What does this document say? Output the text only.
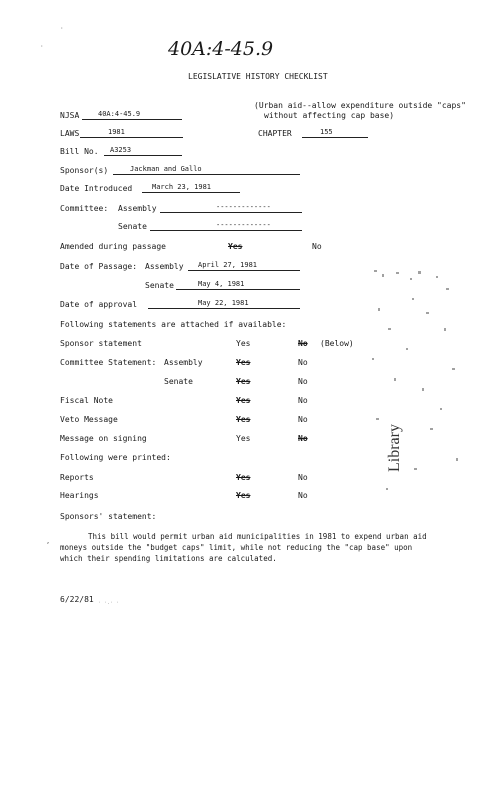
40A:4-45.9
·
·
LEGISLATIVE HISTORY CHECKLIST
NJSA	40A:4-45.9
(Urban aid--allow expenditure outside "caps"
without affecting cap base)
LAWS	1981	CHAPTER	155
Bill No. A3253
Sponsor(s)	Jackman and Gallo
Date Introduced	March 23, 1981
Committee: Assembly	-------------
Senate	-------------
Amended during passage	Yes	No
Date of Passage: Assembly April 27, 1981
Senate	May 4, 1981
Date of approval	May 22, 1981
Following statements are attached if available:
Sponsor statement	Yes	No (Below)
Committee Statement: Assembly	Yes	No
Senate	Yes	No
Fiscal Note	Yes	No
Veto Message	Yes	No
Message on signing	Yes	No
Following were printed:
Reports	Yes	No
Hearings	Yes	No
Sponsors' statement:
This bill would permit urban aid municipalities in 1981 to expend urban aid
moneys outside the "budget caps" limit, while not reducing the "cap base" upon
which their spending limitations are calculated.
,
6/22/81 · ·.· ·
Library
